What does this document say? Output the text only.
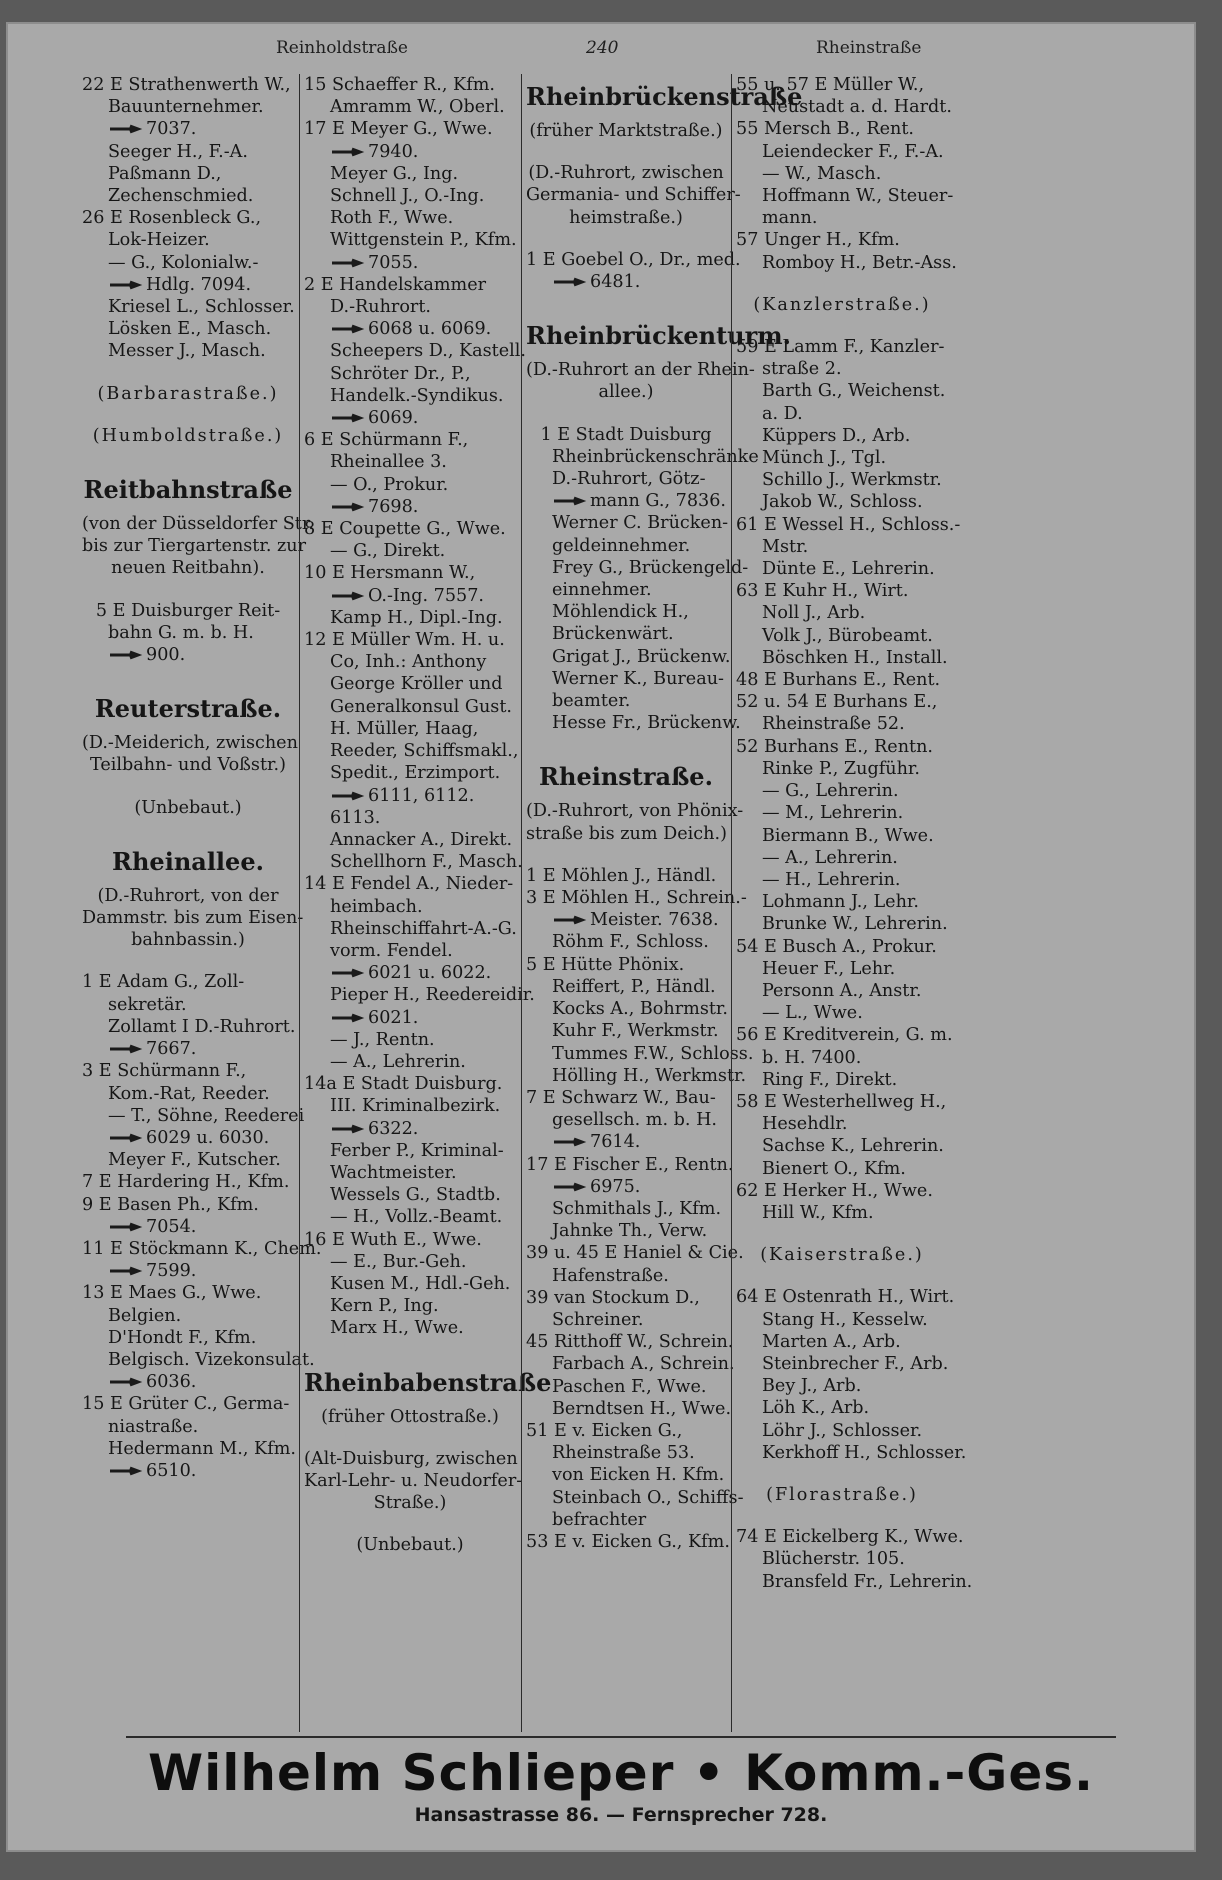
Reinholdstraße	240	Rheinstraße
22 E Strathenwerth W.,
Bauunternehmer.
7037.
Seeger H., F.-A.
Paßmann D.,
Zechenschmied.
26 E Rosenbleck G.,
Lok-Heizer.
— G., Kolonialw.-
Hdlg. 7094.
Kriesel L., Schlosser.
Lösken E., Masch.
Messer J., Masch.
(Barbarastraße.)
(Humboldstraße.)
Reitbahnstraße
(von der Düsseldorfer Str.
bis zur Tiergartenstr. zur
neuen Reitbahn).
5 E Duisburger Reit-
bahn G. m. b. H.
900.
Reuterstraße.
(D.-Meiderich, zwischen
Teilbahn- und Voßstr.)
(Unbebaut.)
Rheinallee.
(D.-Ruhrort, von der
Dammstr. bis zum Eisen-
bahnbassin.)
1 E Adam G., Zoll-
sekretär.
Zollamt I D.-Ruhrort.
7667.
3 E Schürmann F.,
Kom.-Rat, Reeder.
— T., Söhne, Reederei
6029 u. 6030.
Meyer F., Kutscher.
7 E Hardering H., Kfm.
9 E Basen Ph., Kfm.
7054.
11 E Stöckmann K., Chem.
7599.
13 E Maes G., Wwe.
Belgien.
D'Hondt F., Kfm.
Belgisch. Vizekonsulat.
6036.
15 E Grüter C., Germa-
niastraße.
Hedermann M., Kfm.
6510.
15 Schaeffer R., Kfm.
Amramm W., Oberl.
17 E Meyer G., Wwe.
7940.
Meyer G., Ing.
Schnell J., O.-Ing.
Roth F., Wwe.
Wittgenstein P., Kfm.
7055.
2 E Handelskammer
D.-Ruhrort.
6068 u. 6069.
Scheepers D., Kastell.
Schröter Dr., P.,
Handelk.-Syndikus.
6069.
6 E Schürmann F.,
Rheinallee 3.
— O., Prokur.
7698.
8 E Coupette G., Wwe.
— G., Direkt.
10 E Hersmann W.,
O.-Ing. 7557.
Kamp H., Dipl.-Ing.
12 E Müller Wm. H. u.
Co, Inh.: Anthony
George Kröller und
Generalkonsul Gust.
H. Müller, Haag,
Reeder, Schiffsmakl.,
Spedit., Erzimport.
6111, 6112.
6113.
Annacker A., Direkt.
Schellhorn F., Masch.
14 E Fendel A., Nieder-
heimbach.
Rheinschiffahrt-A.-G.
vorm. Fendel.
6021 u. 6022.
Pieper H., Reedereidir.
6021.
— J., Rentn.
— A., Lehrerin.
14a E Stadt Duisburg.
III. Kriminalbezirk.
6322.
Ferber P., Kriminal-
Wachtmeister.
Wessels G., Stadtb.
— H., Vollz.-Beamt.
16 E Wuth E., Wwe.
— E., Bur.-Geh.
Kusen M., Hdl.-Geh.
Kern P., Ing.
Marx H., Wwe.
Rheinbabenstraße
(früher Ottostraße.)
(Alt-Duisburg, zwischen
Karl-Lehr- u. Neudorfer-
Straße.)
(Unbebaut.)
Rheinbrückenstraße
(früher Marktstraße.)
(D.-Ruhrort, zwischen
Germania- und Schiffer-
heimstraße.)
1 E Goebel O., Dr., med.
6481.
Rheinbrückenturm.
(D.-Ruhrort an der Rhein-
allee.)
1 E Stadt Duisburg
Rheinbrückenschränke
D.-Ruhrort, Götz-
mann G., 7836.
Werner C. Brücken-
geldeinnehmer.
Frey G., Brückengeld-
einnehmer.
Möhlendick H.,
Brückenwärt.
Grigat J., Brückenw.
Werner K., Bureau-
beamter.
Hesse Fr., Brückenw.
Rheinstraße.
(D.-Ruhrort, von Phönix-
straße bis zum Deich.)
1 E Möhlen J., Händl.
3 E Möhlen H., Schrein.-
Meister. 7638.
Röhm F., Schloss.
5 E Hütte Phönix.
Reiffert, P., Händl.
Kocks A., Bohrmstr.
Kuhr F., Werkmstr.
Tummes F.W., Schloss.
Hölling H., Werkmstr.
7 E Schwarz W., Bau-
gesellsch. m. b. H.
7614.
17 E Fischer E., Rentn.
6975.
Schmithals J., Kfm.
Jahnke Th., Verw.
39 u. 45 E Haniel & Cie.
Hafenstraße.
39 van Stockum D.,
Schreiner.
45 Ritthoff W., Schrein.
Farbach A., Schrein.
Paschen F., Wwe.
Berndtsen H., Wwe.
51 E v. Eicken G.,
Rheinstraße 53.
von Eicken H. Kfm.
Steinbach O., Schiffs-
befrachter
53 E v. Eicken G., Kfm.
55 u. 57 E Müller W.,
Neustadt a. d. Hardt.
55 Mersch B., Rent.
Leiendecker F., F.-A.
— W., Masch.
Hoffmann W., Steuer-
mann.
57 Unger H., Kfm.
Romboy H., Betr.-Ass.
(Kanzlerstraße.)
59 E Lamm F., Kanzler-
straße 2.
Barth G., Weichenst.
a. D.
Küppers D., Arb.
Münch J., Tgl.
Schillo J., Werkmstr.
Jakob W., Schloss.
61 E Wessel H., Schloss.-
Mstr.
Dünte E., Lehrerin.
63 E Kuhr H., Wirt.
Noll J., Arb.
Volk J., Bürobeamt.
Böschken H., Install.
48 E Burhans E., Rent.
52 u. 54 E Burhans E.,
Rheinstraße 52.
52 Burhans E., Rentn.
Rinke P., Zugführ.
— G., Lehrerin.
— M., Lehrerin.
Biermann B., Wwe.
— A., Lehrerin.
— H., Lehrerin.
Lohmann J., Lehr.
Brunke W., Lehrerin.
54 E Busch A., Prokur.
Heuer F., Lehr.
Personn A., Anstr.
— L., Wwe.
56 E Kreditverein, G. m.
b. H. 7400.
Ring F., Direkt.
58 E Westerhellweg H.,
Hesehdlr.
Sachse K., Lehrerin.
Bienert O., Kfm.
62 E Herker H., Wwe.
Hill W., Kfm.
(Kaiserstraße.)
64 E Ostenrath H., Wirt.
Stang H., Kesselw.
Marten A., Arb.
Steinbrecher F., Arb.
Bey J., Arb.
Löh K., Arb.
Löhr J., Schlosser.
Kerkhoff H., Schlosser.
(Florastraße.)
74 E Eickelberg K., Wwe.
Blücherstr. 105.
Bransfeld Fr., Lehrerin.
Wilhelm Schlieper • Komm.-Ges.
Hansastrasse 86. — Fernsprecher 728.
